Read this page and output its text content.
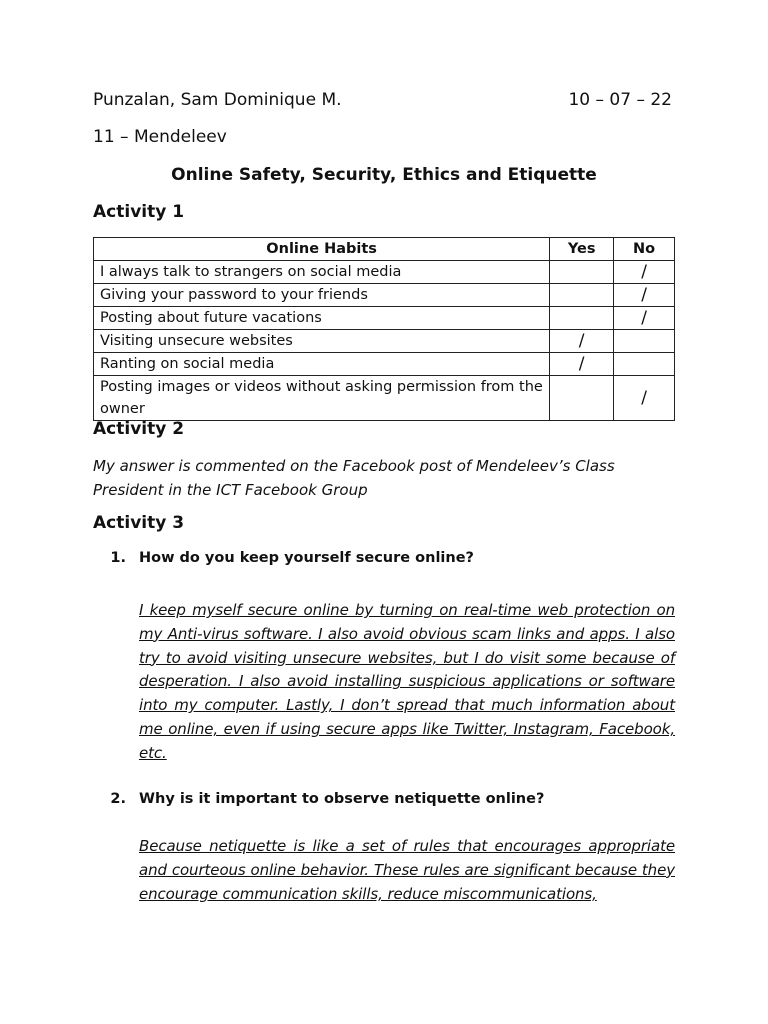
Punzalan, Sam Dominique M.	10 – 07 – 22
11 – Mendeleev
Online Safety, Security, Ethics and Etiquette
Activity 1
Online Habits	Yes	No
I always talk to strangers on social media		/
Giving your password to your friends		/
Posting about future vacations		/
Visiting unsecure websites	/	
Ranting on social media	/	
Posting images or videos without asking permission from the owner		/
Activity 2
My answer is commented on the Facebook post of Mendeleev’s Class President in the ICT Facebook Group
Activity 3
1. How do you keep yourself secure online?
I keep myself secure online by turning on real-time web protection on my Anti-virus software. I also avoid obvious scam links and apps. I also try to avoid visiting unsecure websites, but I do visit some because of desperation. I also avoid installing suspicious applications or software into my computer. Lastly, I don’t spread that much information about me online, even if using secure apps like Twitter, Instagram, Facebook, etc.
2. Why is it important to observe netiquette online?
Because netiquette is like a set of rules that encourages appropriate and courteous online behavior. These rules are significant because they encourage communication skills, reduce miscommunications,
